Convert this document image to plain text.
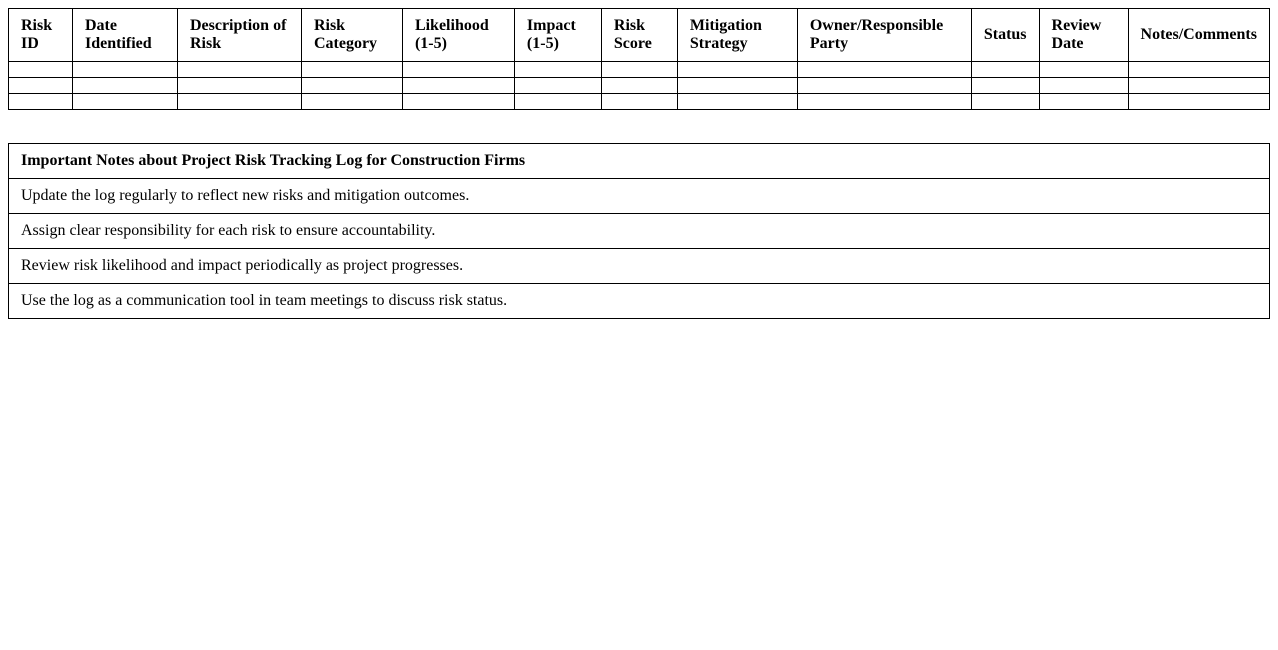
Risk ID	Date Identified	Description of Risk	Risk Category	Likelihood (1-5)	Impact (1-5)	Risk Score	Mitigation Strategy	Owner/Responsible Party	Status	Review Date	Notes/Comments

Important Notes about Project Risk Tracking Log for Construction Firms
Update the log regularly to reflect new risks and mitigation outcomes.
Assign clear responsibility for each risk to ensure accountability.
Review risk likelihood and impact periodically as project progresses.
Use the log as a communication tool in team meetings to discuss risk status.
